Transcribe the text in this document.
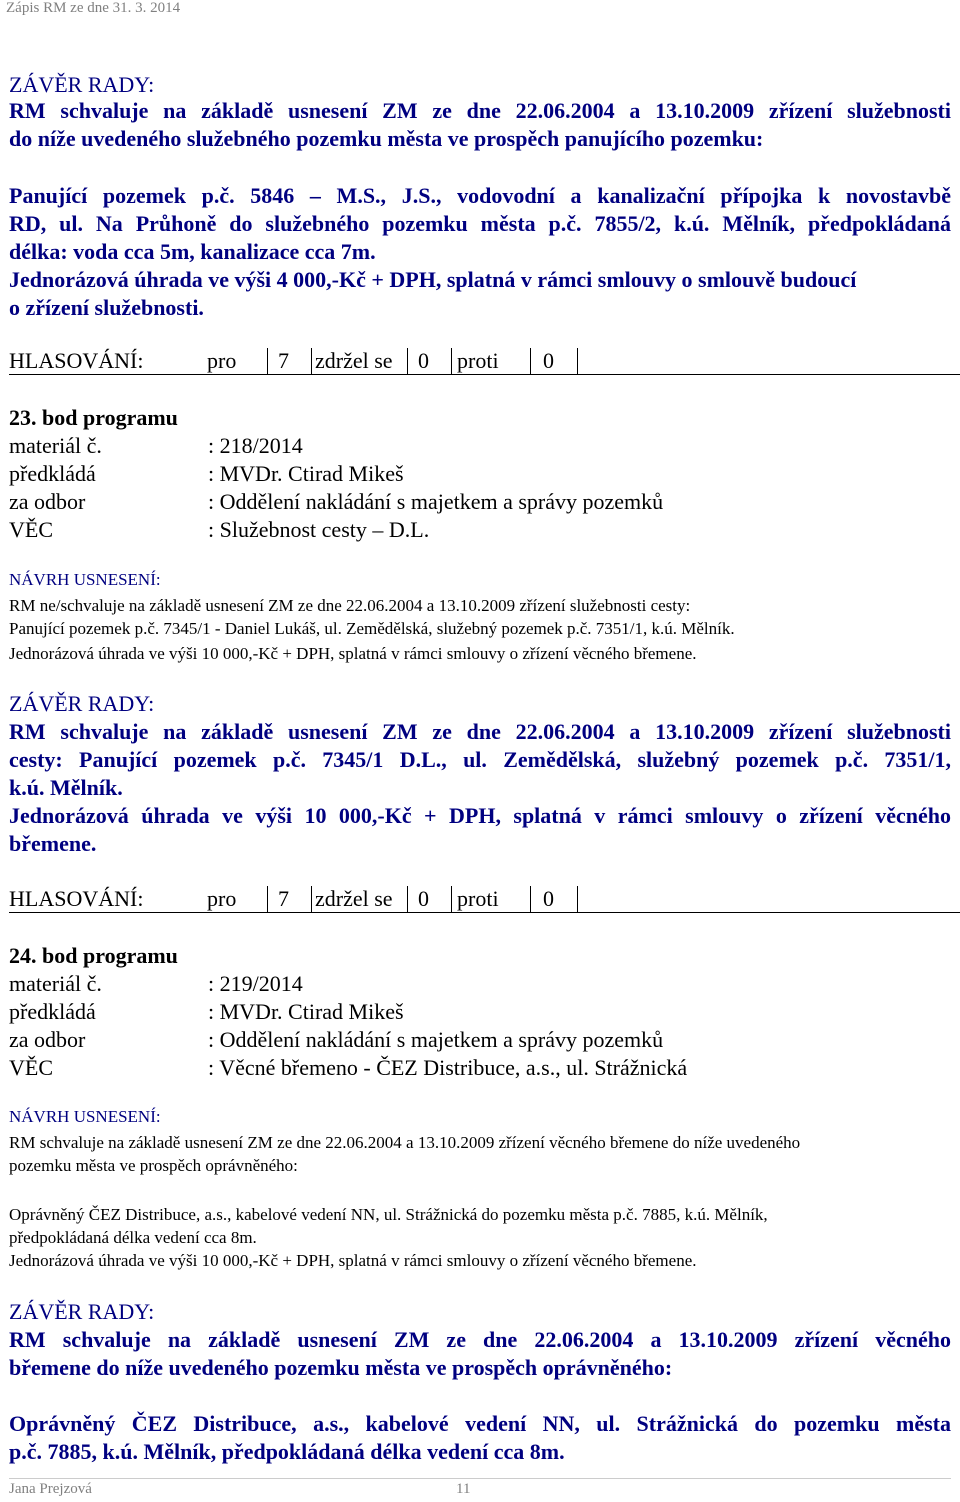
Zápis RM ze dne 31. 3. 2014
ZÁVĚR RADY:
RM schvaluje na základě usnesení ZM ze dne 22.06.2004 a 13.10.2009 zřízení služebnosti
do níže uvedeného služebného pozemku města ve prospěch panujícího pozemku:
Panující pozemek p.č. 5846 – M.S., J.S., vodovodní a kanalizační přípojka k novostavbě
RD, ul. Na Průhoně do služebného pozemku města p.č. 7855/2, k.ú. Mělník, předpokládaná
délka: voda cca 5m, kanalizace cca 7m.
Jednorázová úhrada ve výši 4 000,-Kč + DPH, splatná v rámci smlouvy o smlouvě budoucí
o zřízení služebnosti.
HLASOVÁNÍ:	pro 7 zdržel se 0 proti 0
23. bod programu
materiál č.	: 218/2014
předkládá	: MVDr. Ctirad Mikeš
za odbor	: Oddělení nakládání s majetkem a správy pozemků
VĚC	: Služebnost cesty – D.L.
NÁVRH USNESENÍ:
RM ne/schvaluje na základě usnesení ZM ze dne 22.06.2004 a 13.10.2009 zřízení služebnosti cesty:
Panující pozemek p.č. 7345/1 - Daniel Lukáš, ul. Zemědělská, služebný pozemek p.č. 7351/1, k.ú. Mělník.
Jednorázová úhrada ve výši 10 000,-Kč + DPH, splatná v rámci smlouvy o zřízení věcného břemene.
ZÁVĚR RADY:
RM schvaluje na základě usnesení ZM ze dne 22.06.2004 a 13.10.2009 zřízení služebnosti
cesty: Panující pozemek p.č. 7345/1 D.L., ul. Zemědělská, služebný pozemek p.č. 7351/1,
k.ú. Mělník.
Jednorázová úhrada ve výši 10 000,-Kč + DPH, splatná v rámci smlouvy o zřízení věcného
břemene.
HLASOVÁNÍ:	pro 7 zdržel se 0 proti 0
24. bod programu
materiál č.	: 219/2014
předkládá	: MVDr. Ctirad Mikeš
za odbor	: Oddělení nakládání s majetkem a správy pozemků
VĚC	: Věcné břemeno - ČEZ Distribuce, a.s., ul. Strážnická
NÁVRH USNESENÍ:
RM schvaluje na základě usnesení ZM ze dne 22.06.2004 a 13.10.2009 zřízení věcného břemene do níže uvedeného
pozemku města ve prospěch oprávněného:
Oprávněný ČEZ Distribuce, a.s., kabelové vedení NN, ul. Strážnická do pozemku města p.č. 7885, k.ú. Mělník,
předpokládaná délka vedení cca 8m.
Jednorázová úhrada ve výši 10 000,-Kč + DPH, splatná v rámci smlouvy o zřízení věcného břemene.
ZÁVĚR RADY:
RM schvaluje na základě usnesení ZM ze dne 22.06.2004 a 13.10.2009 zřízení věcného
břemene do níže uvedeného pozemku města ve prospěch oprávněného:
Oprávněný ČEZ Distribuce, a.s., kabelové vedení NN, ul. Strážnická do pozemku města
p.č. 7885, k.ú. Mělník, předpokládaná délka vedení cca 8m.
Jana Prejzová	11
